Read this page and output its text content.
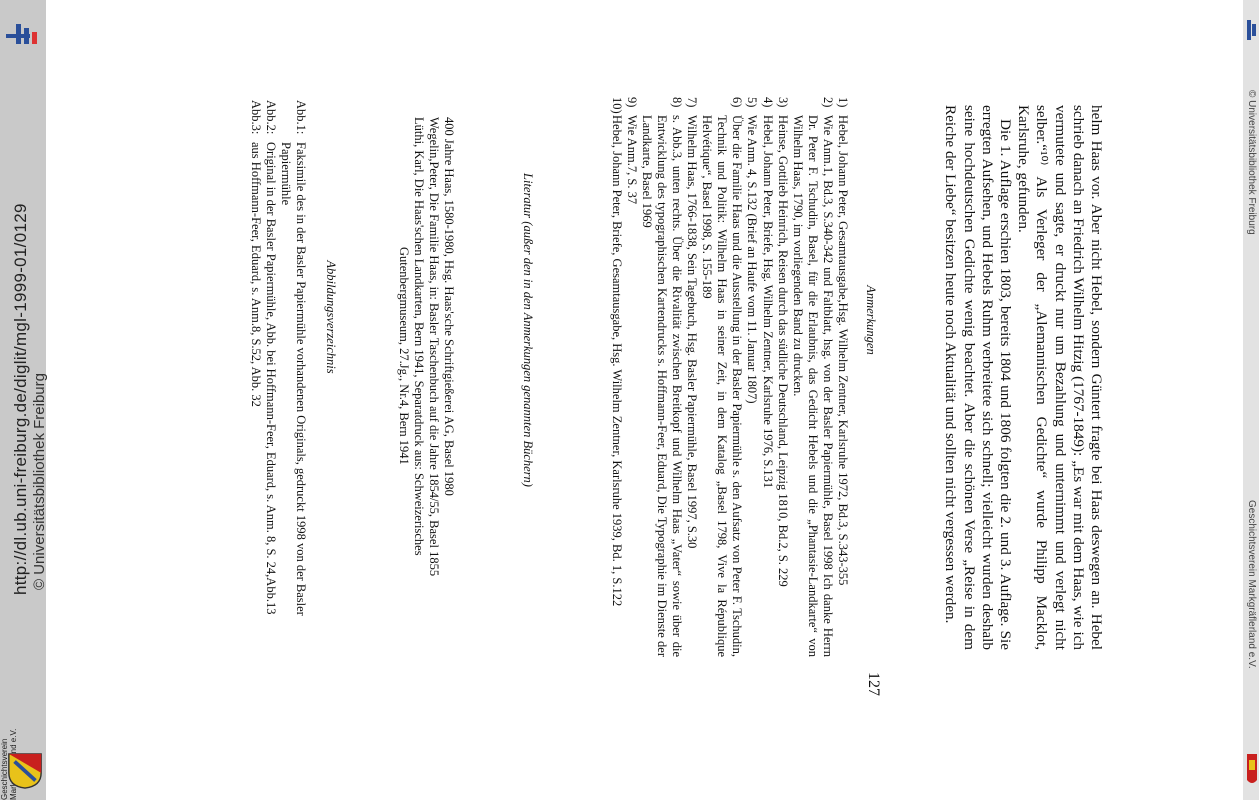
Geschichtsverein
http://dl.ub.uni-freiburg.de/diglit/mgl-1999-01/0129 © Universitätsbibliothek Freiburg
© Universitätsbibliothek Freiburg
Geschichtsverein Markgräflerland e.V.

helm Haas vor. Aber nicht Hebel, sondern Güntert fragte bei Haas deswegen an. Hebel schrieb danach an Friedrich Wilhelm Hitzig (1767-1849): „Es war mit dem Haas, wie ich vermutete und sagte, er druckt nur um Bezahlung und unternimmt und verlegt nicht selber.“¹⁰⁾ Als Verleger der „Alemannischen Gedichte“ wurde Philipp Macklot, Karlsruhe, gefunden.

Die 1. Auflage erschien 1803, bereits 1804 und 1806 folgten die 2. und 3. Auflage. Sie erregten Aufsehen, und Hebels Ruhm verbreitete sich schnell; vielleicht wurden deshalb seine hochdeutschen Gedichte wenig beachtet. Aber die schönen Verse „Reise in dem Reiche der Liebe“ besitzen heute noch Aktualität und sollten nicht vergessen werden.

Anmerkungen
1)
Hebel, Johann Peter, Gesamtausgabe,Hsg. Wilhelm Zentner, Karlsruhe 1972, Bd.3, S.343-355
2)
Wie Anm.1, Bd.3, S.340-342 und Faltblatt, hsg. von der Basler Papiermühle, Basel 1998 Ich danke Herrn Dr. Peter F. Tschudin, Basel, für die Erlaubnis, das Gedicht Hebels und die „Phantasie-Landkarte“ von Wilhelm Haas, 1790, im vorliegenden Band zu drucken.
3)
Heinse, Gottlieb Heinrich, Reisen durch das südliche Deutschland, Leipzig 1810, Bd.2, S. 229
4)
Hebel, Johann Peter, Briefe, Hsg. Wilhelm Zentner, Karlsruhe 1976, S.131
5)
Wie Anm. 4, S.132 (Brief an Haufe vom 11. Januar 1807)
6)
Über die Familie Haas und die Ausstellung in der Basler Papiermühle s. den Aufsatz von Peter F. Tschudin, Technik und Politik: Wilhelm Haas in seiner Zeit, in dem Katalog „Basel 1798, Vive la République Helvétique“, Basel 1998, S. 155-189
7)
Wilhelm Haas, 1766-1838, Sein Tagebuch, Hsg. Basler Papiermühle, Basel 1997, S.30
8)
s. Abb.3, unten rechts. Über die Rivalität zwischen Breitkopf und Wilhelm Haas „Vater“ sowie über die Entwicklung des typographischen Kartendrucks s. Hoffmann-Feer, Eduard, Die Typographie im Dienste der Landkarte, Basel 1969
9)
Wie Anm.7, S. 37
10)
Hebel, Johann Peter, Briefe, Gesamtausgabe, Hsg. Wilhelm Zentner, Karlsruhe 1939, Bd. 1, S.122
Literatur (außer den in den Anmerkungen genannten Büchern)
400 Jahre Haas, 1580-1980, Hsg. Haas'sche Schriftgießerei AG, Basel 1980
Wegelin,Peter, Die Familie Haas, in: Basler Taschenbuch auf die Jahre 1854/55, Basel 1855
Lüthi, Karl, Die Haas'schen Landkarten, Bern 1941, Separatdruck aus: Schweizerisches
Gutenbergmuseum, 27.Jg., Nr.4, Bern 1941
Abbildungsverzeichnis
Abb.1:
Faksimile des in der Basler Papiermühle vorhandenen Originals, gedruckt 1998 von der Basler Papiermühle
Abb.2:
Original in der Basler Papiermühle, Abb. bei Hoffmann-Feer, Eduard, s. Anm. 8, S. 24,Abb.13
Abb.3:
aus Hoffmann-Feer, Eduard, s. Anm.8, S.52, Abb. 32
127
